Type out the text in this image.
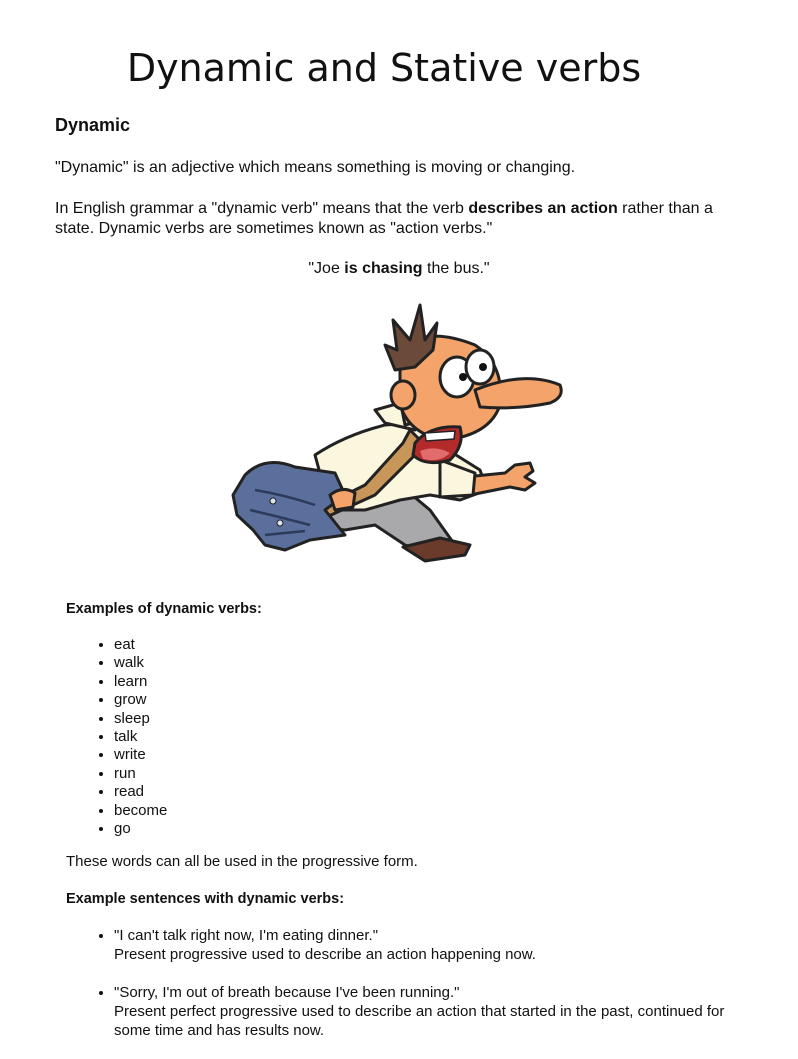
Dynamic and Stative verbs
Dynamic

"Dynamic" is an adjective which means something is moving or changing.

In English grammar a "dynamic verb" means that the verb describes an action rather than a state. Dynamic verbs are sometimes known as "action verbs."

"Joe is chasing the bus."

Examples of dynamic verbs:

• eat
• walk
• learn
• grow
• sleep
• talk
• write
• run
• read
• become
• go

These words can all be used in the progressive form.

Example sentences with dynamic verbs:

• "I can't talk right now, I'm eating dinner."
Present progressive used to describe an action happening now.
• "Sorry, I'm out of breath because I've been running."
Present perfect progressive used to describe an action that started in the past, continued for some time and has results now.
